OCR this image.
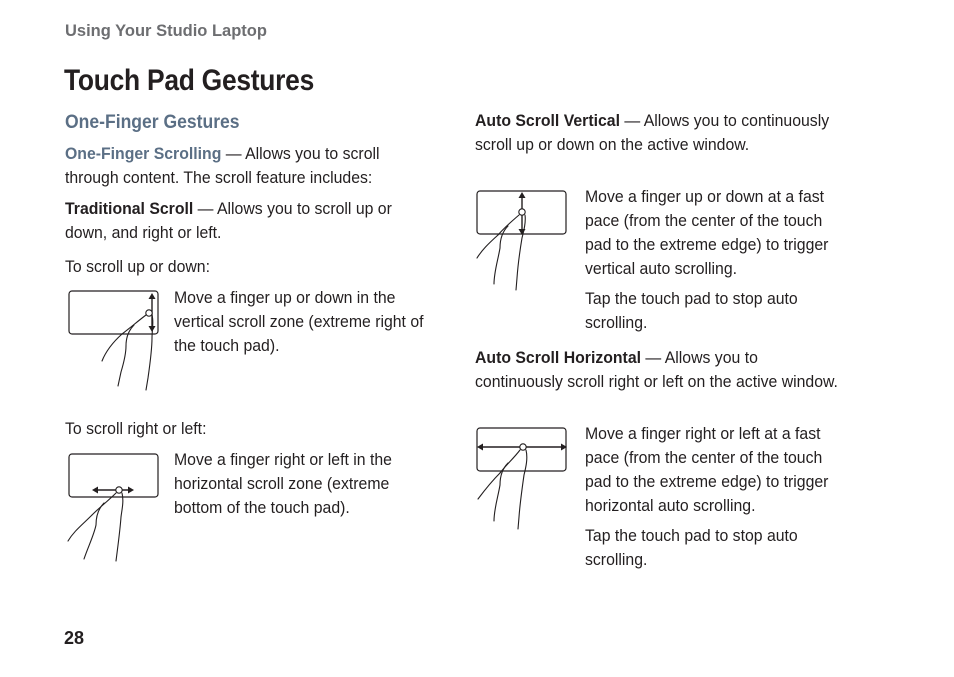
Using Your Studio Laptop
Touch Pad Gestures
One-Finger Gestures

One-Finger Scrolling — Allows you to scroll through content. The scroll feature includes:

Traditional Scroll — Allows you to scroll up or down, and right or left.

To scroll up or down:

Move a finger up or down in the vertical scroll zone (extreme right of the touch pad).

To scroll right or left:

Move a finger right or left in the horizontal scroll zone (extreme bottom of the touch pad).

Auto Scroll Vertical — Allows you to continuously scroll up or down on the active window.

Move a finger up or down at a fast pace (from the center of the touch pad to the extreme edge) to trigger vertical auto scrolling.

Tap the touch pad to stop auto scrolling.

Auto Scroll Horizontal — Allows you to continuously scroll right or left on the active window.

Move a finger right or left at a fast pace (from the center of the touch pad to the extreme edge) to trigger horizontal auto scrolling.

Tap the touch pad to stop auto scrolling.

28
